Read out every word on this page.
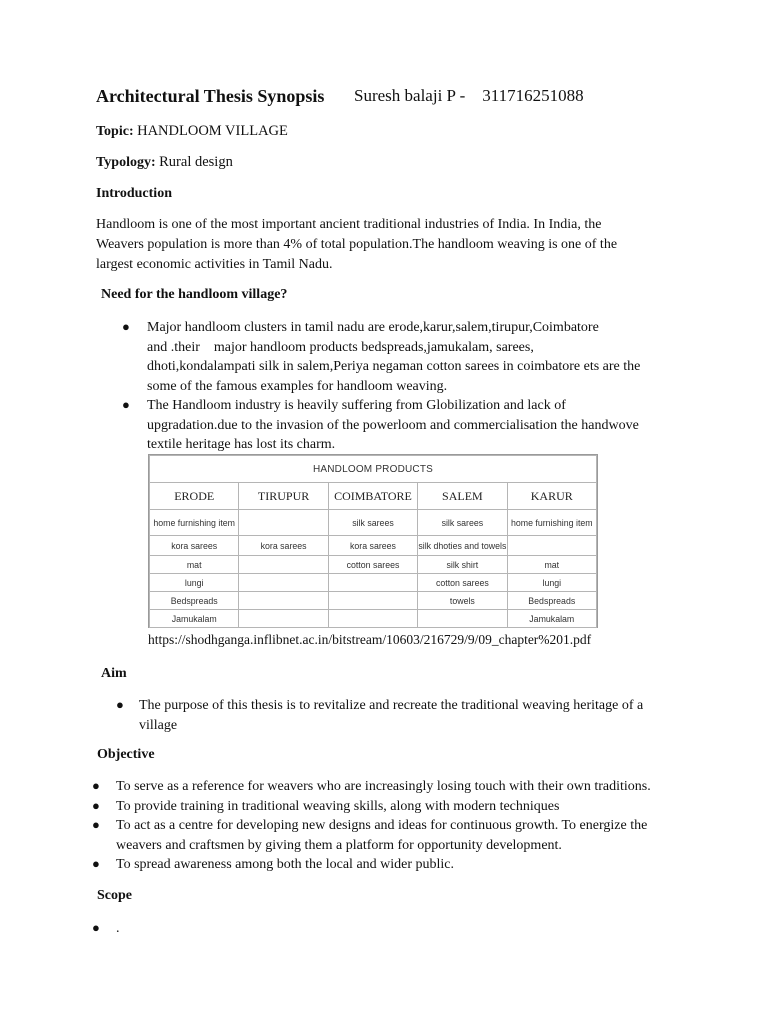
Architectural Thesis Synopsis Suresh balaji P -    311716251088
Topic: HANDLOOM VILLAGE
Typology: Rural design
Introduction
Handloom is one of the most important ancient traditional industries of India. In India, the
Weavers population is more than 4% of total population.The handloom weaving is one of the
largest economic activities in Tamil Nadu.
Need for the handloom village?
● Major handloom clusters in tamil nadu are erode,karur,salem,tirupur,Coimbatore
and .their    major handloom products bedspreads,jamukalam, sarees,
dhoti,kondalampati silk in salem,Periya negaman cotton sarees in coimbatore ets are the
some of the famous examples for handloom weaving.
● The Handloom industry is heavily suffering from Globilization and lack of
upgradation.due to the invasion of the powerloom and commercialisation the handwove
textile heritage has lost its charm.
HANDLOOM PRODUCTS				
ERODE	TIRUPUR	COIMBATORE	SALEM	KARUR
home furnishing item		silk sarees	silk sarees	home furnishing item
kora sarees	kora sarees	kora sarees	silk dhoties and towels	
mat		cotton sarees	silk shirt	mat
lungi			cotton sarees	lungi
Bedspreads			towels	Bedspreads
Jamukalam				Jamukalam
https://shodhganga.inflibnet.ac.in/bitstream/10603/216729/9/09_chapter%201.pdf
Aim
● The purpose of this thesis is to revitalize and recreate the traditional weaving heritage of a
village
Objective
● To serve as a reference for weavers who are increasingly losing touch with their own traditions.
● To provide training in traditional weaving skills, along with modern techniques
● To act as a centre for developing new designs and ideas for continuous growth. To energize the
weavers and craftsmen by giving them a platform for opportunity development.
● To spread awareness among both the local and wider public.
Scope
● .
